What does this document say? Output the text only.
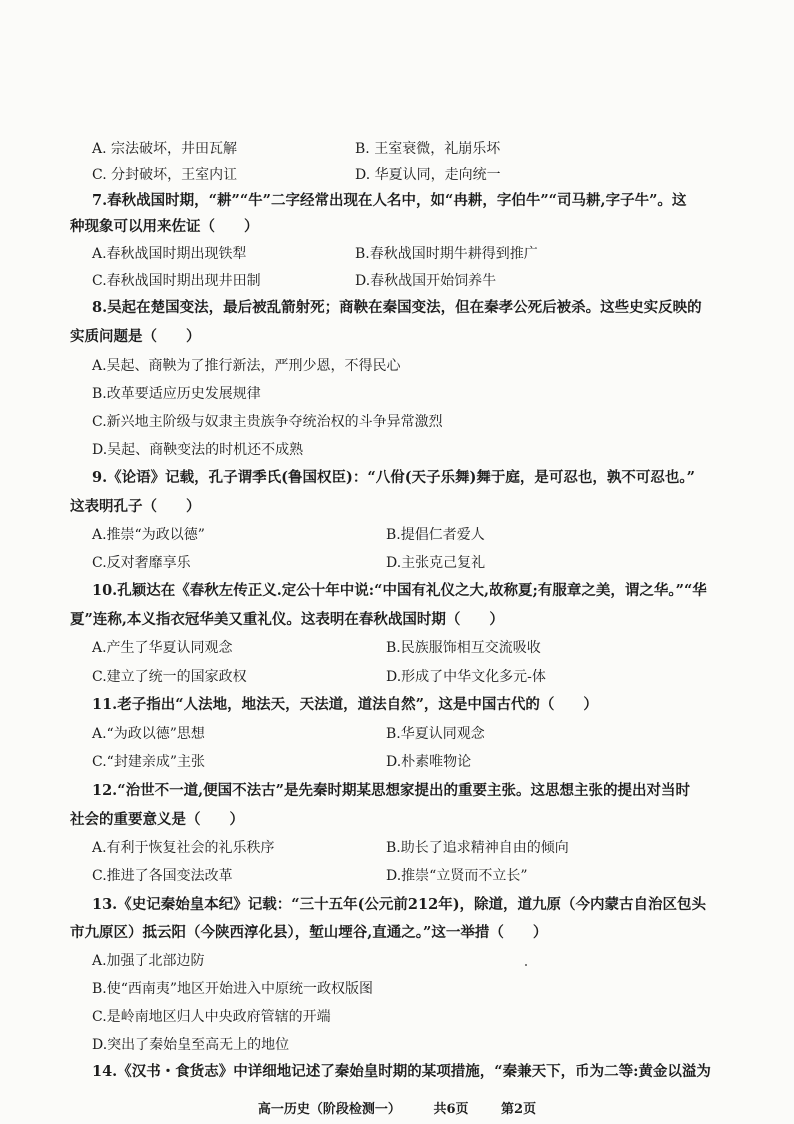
A. 宗法破坏，井田瓦解	B. 王室衰微，礼崩乐坏
C. 分封破坏，王室内讧	D. 华夏认同，走向统一
7.春秋战国时期，“耕”“牛”二字经常出现在人名中，如“冉耕，字伯牛”“司马耕,字子牛”。这
种现象可以用来佐证（　　）
A.春秋战国时期出现铁犁	B.春秋战国时期牛耕得到推广
C.春秋战国时期出现井田制	D.春秋战国开始饲养牛
8.吴起在楚国变法，最后被乱箭射死；商鞅在秦国变法，但在秦孝公死后被杀。这些史实反映的
实质问题是（　　）
A.吴起、商鞅为了推行新法，严刑少恩，不得民心
B.改革要适应历史发展规律
C.新兴地主阶级与奴隶主贵族争夺统治权的斗争异常激烈
D.吴起、商鞅变法的时机还不成熟
9.《论语》记载，孔子谓季氏(鲁国权臣)：“八佾(天子乐舞)舞于庭，是可忍也，孰不可忍也。”
这表明孔子（　　）
A.推崇“为政以德”	B.提倡仁者爱人
C.反对奢靡享乐	D.主张克己复礼
10.孔颖达在《春秋左传正义.定公十年中说:“中国有礼仪之大,故称夏;有服章之美，谓之华。”“华
夏”连称,本义指衣冠华美又重礼仪。这表明在春秋战国时期（　　）
A.产生了华夏认同观念	B.民族服饰相互交流吸收
C.建立了统一的国家政权	D.形成了中华文化多元-体
11.老子指出“人法地，地法天，天法道，道法自然”，这是中国古代的（　　）
A.“为政以德”思想	B.华夏认同观念
C.“封建亲成”主张	D.朴素唯物论
12.“治世不一道,便国不法古”是先秦时期某思想家提出的重要主张。这思想主张的提出对当时
社会的重要意义是（　　）
A.有利于恢复社会的礼乐秩序	B.助长了追求精神自由的倾向
C.推进了各国变法改革	D.推崇“立贤而不立长”
13.《史记秦始皇本纪》记载：“三十五年(公元前212年)，除道，道九原（今内蒙古自治区包头
市九原区）抵云阳（今陕西淳化县），堑山堙谷,直通之。”这一举措（　　）
A.加强了北部边防
B.使“西南夷”地区开始进入中原统一政权版图
C.是岭南地区归人中央政府管辖的开端
D.突出了秦始皇至高无上的地位
14.《汉书・食货志》中详细地记述了秦始皇时期的某项措施，“秦兼天下，币为二等:黄金以溢为
高一历史（阶段检测一）	共6页	第2页
